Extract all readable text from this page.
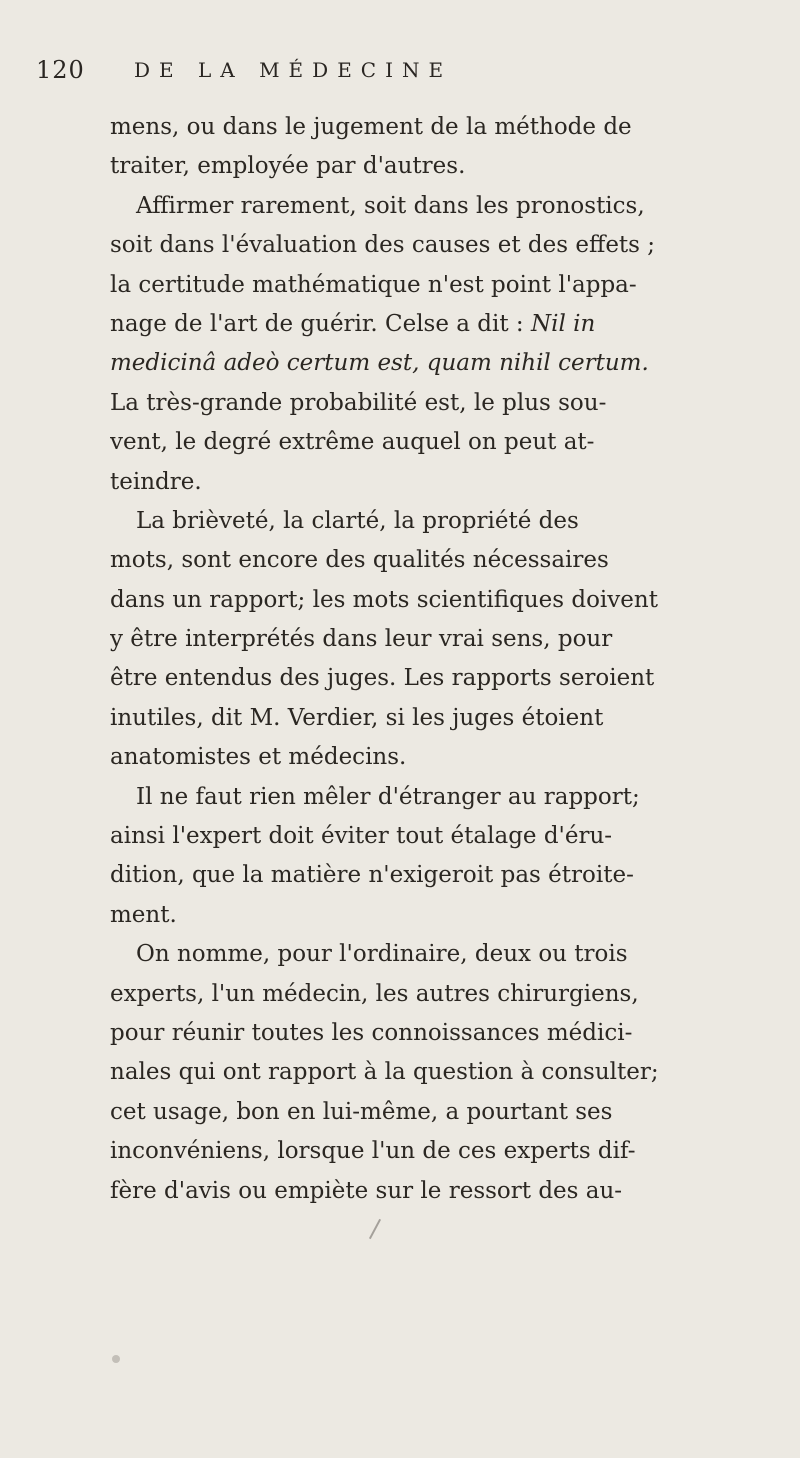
120 DE LA MÉDECINE
mens, ou dans le jugement de la méthode de
traiter, employée par d'autres.
Affirmer rarement, soit dans les pronostics,
soit dans l'évaluation des causes et des effets ;
la certitude mathématique n'est point l'appa-
nage de l'art de guérir. Celse a dit : Nil in
medicinâ adeò certum est, quam nihil certum.
La très-grande probabilité est, le plus sou-
vent, le degré extrême auquel on peut at-
teindre.
La brièveté, la clarté, la propriété des
mots, sont encore des qualités nécessaires
dans un rapport; les mots scientifiques doivent
y être interprétés dans leur vrai sens, pour
être entendus des juges. Les rapports seroient
inutiles, dit M. Verdier, si les juges étoient
anatomistes et médecins.
Il ne faut rien mêler d'étranger au rapport;
ainsi l'expert doit éviter tout étalage d'éru-
dition, que la matière n'exigeroit pas étroite-
ment.
On nomme, pour l'ordinaire, deux ou trois
experts, l'un médecin, les autres chirurgiens,
pour réunir toutes les connoissances médici-
nales qui ont rapport à la question à consulter;
cet usage, bon en lui-même, a pourtant ses
inconvéniens, lorsque l'un de ces experts dif-
fère d'avis ou empiète sur le ressort des au-
